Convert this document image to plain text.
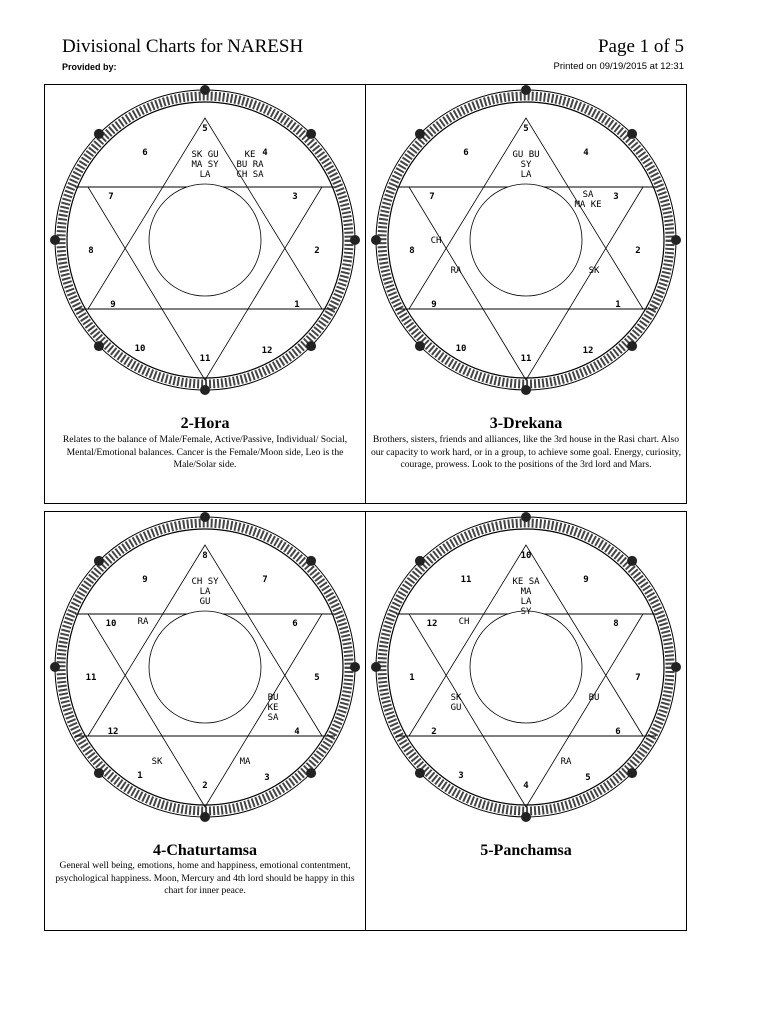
Divisional Charts for NARESH	Page 1 of 5
Provided by:	Printed on 09/19/2015 at 12:31
5
4
3
2
1
12
11
10
9
8
7
6	SK GU
MA SY
LA
KE
BU RA
CH SA
2-Hora
Relates to the balance of Male/Female, Active/Passive, Individual/ Social, Mental/Emotional balances. Cancer is the Female/Moon side, Leo is the Male/Solar side.
5
4
3
2
1
12
11
10
9
8
7
6	GU BU
SY
LA
SA
MA KE
SK
RA
CH
3-Drekana
Brothers, sisters, friends and alliances, like the 3rd house in the Rasi chart. Also our capacity to work hard, or in a group, to achieve some goal. Energy, curiosity, courage, prowess. Look to the positions of the 3rd lord and Mars.
8
7
6
5
4
3
2
1
12
11
10
9	CH SY
LA
GU
BU
KE
SA
MA
SK
RA
4-Chaturtamsa
General well being, emotions, home and happiness, emotional contentment, psychological happiness. Moon, Mercury and 4th lord should be happy in this chart for inner peace.
10
9
8
7
6
5
4
3
2
1
12
11	KE SA
MA
LA
SY
BU
RA
SK
GU
CH
5-Panchamsa
